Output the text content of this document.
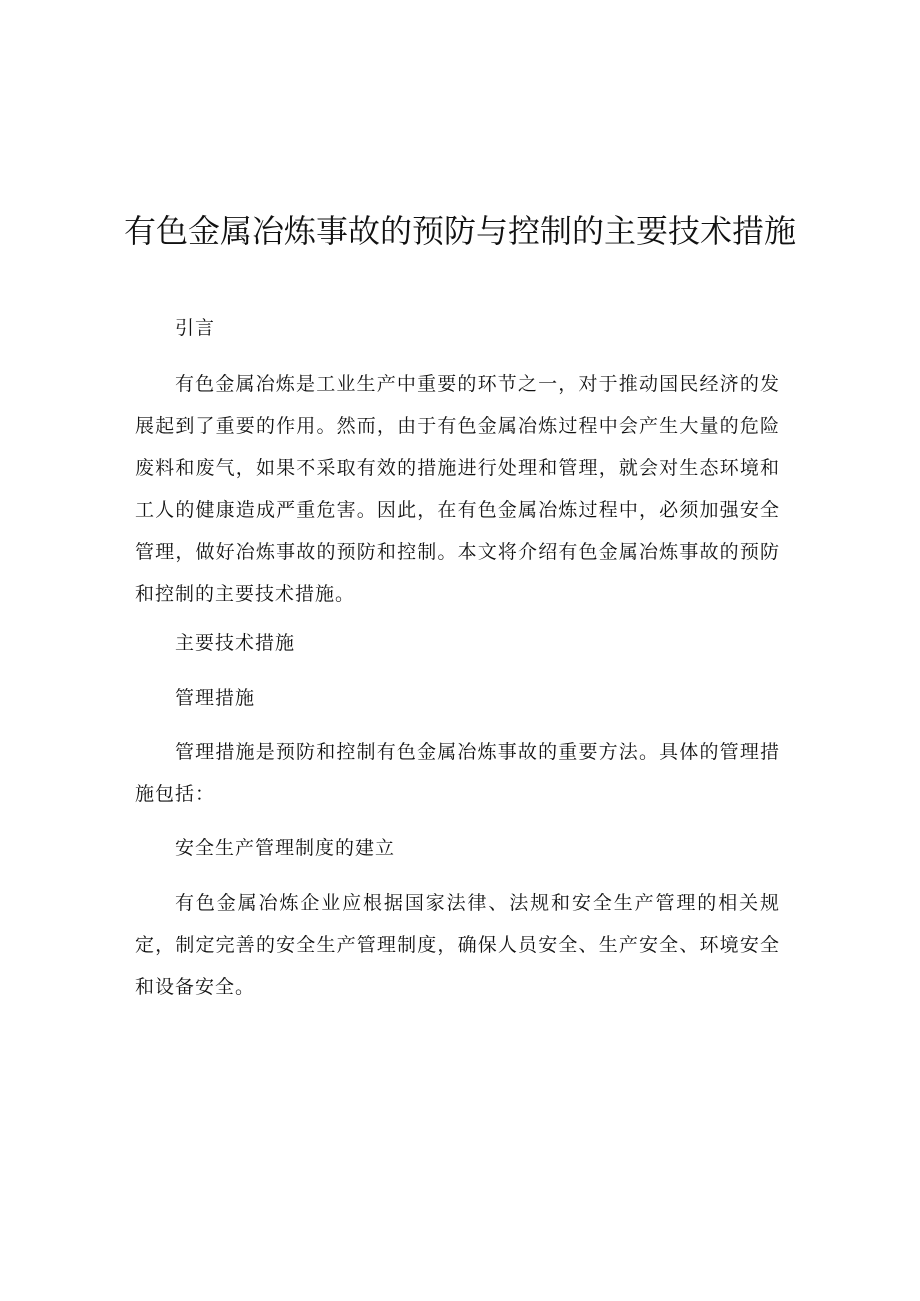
有色金属冶炼事故的预防与控制的主要技术措施

引言

有色金属冶炼是工业生产中重要的环节之一，对于推动国民经济的发展起到了重要的作用。然而，由于有色金属冶炼过程中会产生大量的危险废料和废气，如果不采取有效的措施进行处理和管理，就会对生态环境和工人的健康造成严重危害。因此，在有色金属冶炼过程中，必须加强安全管理，做好冶炼事故的预防和控制。本文将介绍有色金属冶炼事故的预防和控制的主要技术措施。

主要技术措施

管理措施

管理措施是预防和控制有色金属冶炼事故的重要方法。具体的管理措施包括：

安全生产管理制度的建立

有色金属冶炼企业应根据国家法律、法规和安全生产管理的相关规定，制定完善的安全生产管理制度，确保人员安全、生产安全、环境安全和设备安全。
